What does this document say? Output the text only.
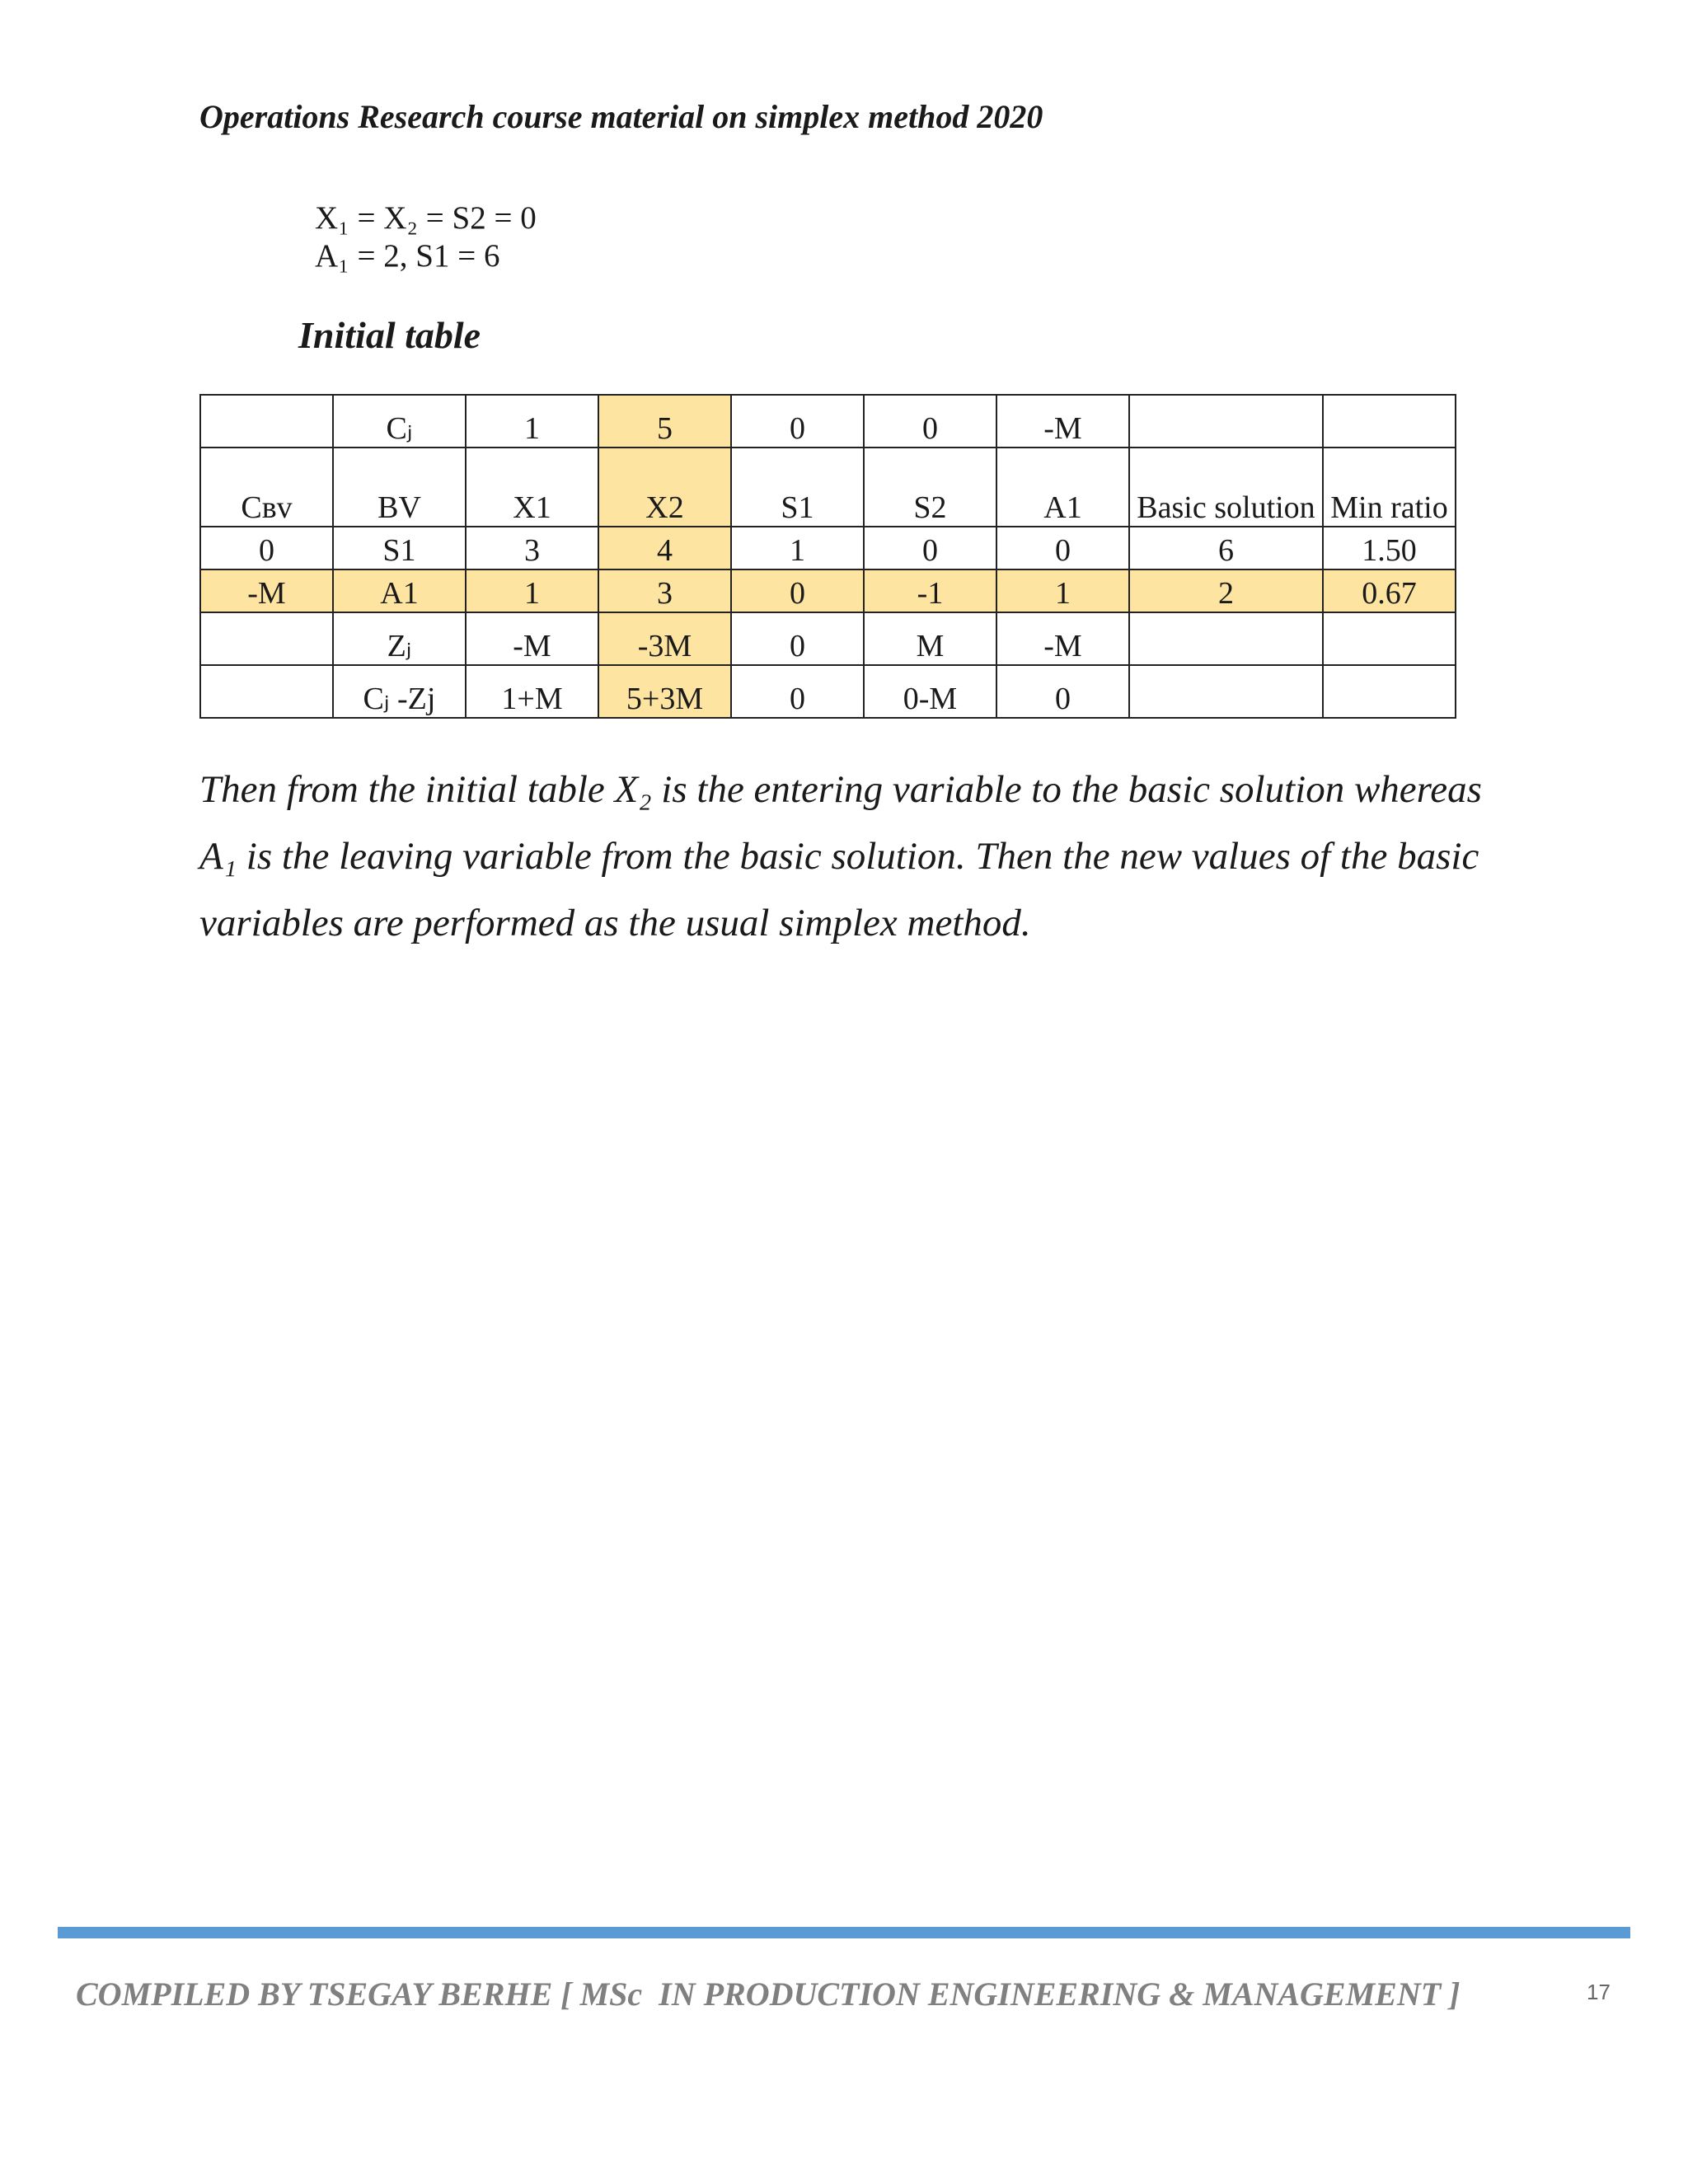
Operations Research course material on simplex method 2020
X₁ = X₂ = S2 = 0
A₁ = 2, S1 = 6
Initial table
	Cⱼ	1	5	0	0	-M		
Cʙᴠ	BV	X1	X2	S1	S2	A1	Basic solution	Min ratio
0	S1	3	4	1	0	0	6	1.50
-M	A1	1	3	0	-1	1	2	0.67
	Zⱼ	-M	-3M	0	M	-M		
	Cⱼ -Zj	1+M	5+3M	0	0-M	0		

Then from the initial table X₂ is the entering variable to the basic solution whereas

A₁ is the leaving variable from the basic solution. Then the new values of the basic

variables are performed as the usual simplex method.

COMPILED BY TSEGAY BERHE [ MSc  IN PRODUCTION ENGINEERING & MANAGEMENT ]	17
